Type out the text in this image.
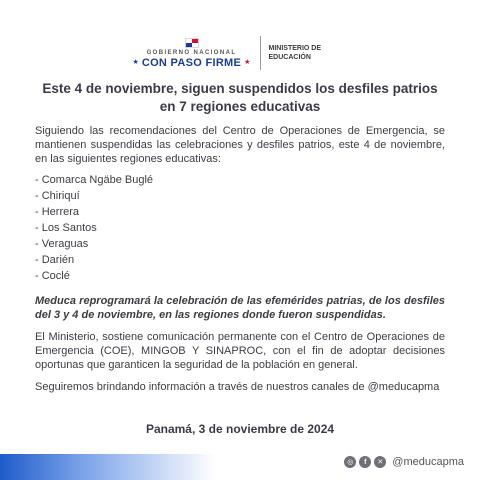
GOBIERNO NACIONAL
★ CON PASO FIRME ★
MINISTERIO DE
EDUCACIÓN
Este 4 de noviembre, siguen suspendidos los desfiles patrios
en 7 regiones educativas

Siguiendo las recomendaciones del Centro de Operaciones de Emergencia, se mantienen suspendidas las celebraciones y desfiles patrios, este 4 de noviembre, en las siguientes regiones educativas:

- Comarca Ngäbe Buglé
- Chiriquí
- Herrera
- Los Santos
- Veraguas
- Darién
- Coclé

Meduca reprogramará la celebración de las efemérides patrias, de los desfiles del 3 y 4 de noviembre, en las regiones donde fueron suspendidas.

El Ministerio, sostiene comunicación permanente con el Centro de Operaciones de Emergencia (COE), MINGOB Y SINAPROC, con el fin de adoptar decisiones oportunas que garanticen la seguridad de la población en general.

Seguiremos brindando información a través de nuestros canales de @meducapma

Panamá, 3 de noviembre de 2024
◎	f	✕ @meducapma
